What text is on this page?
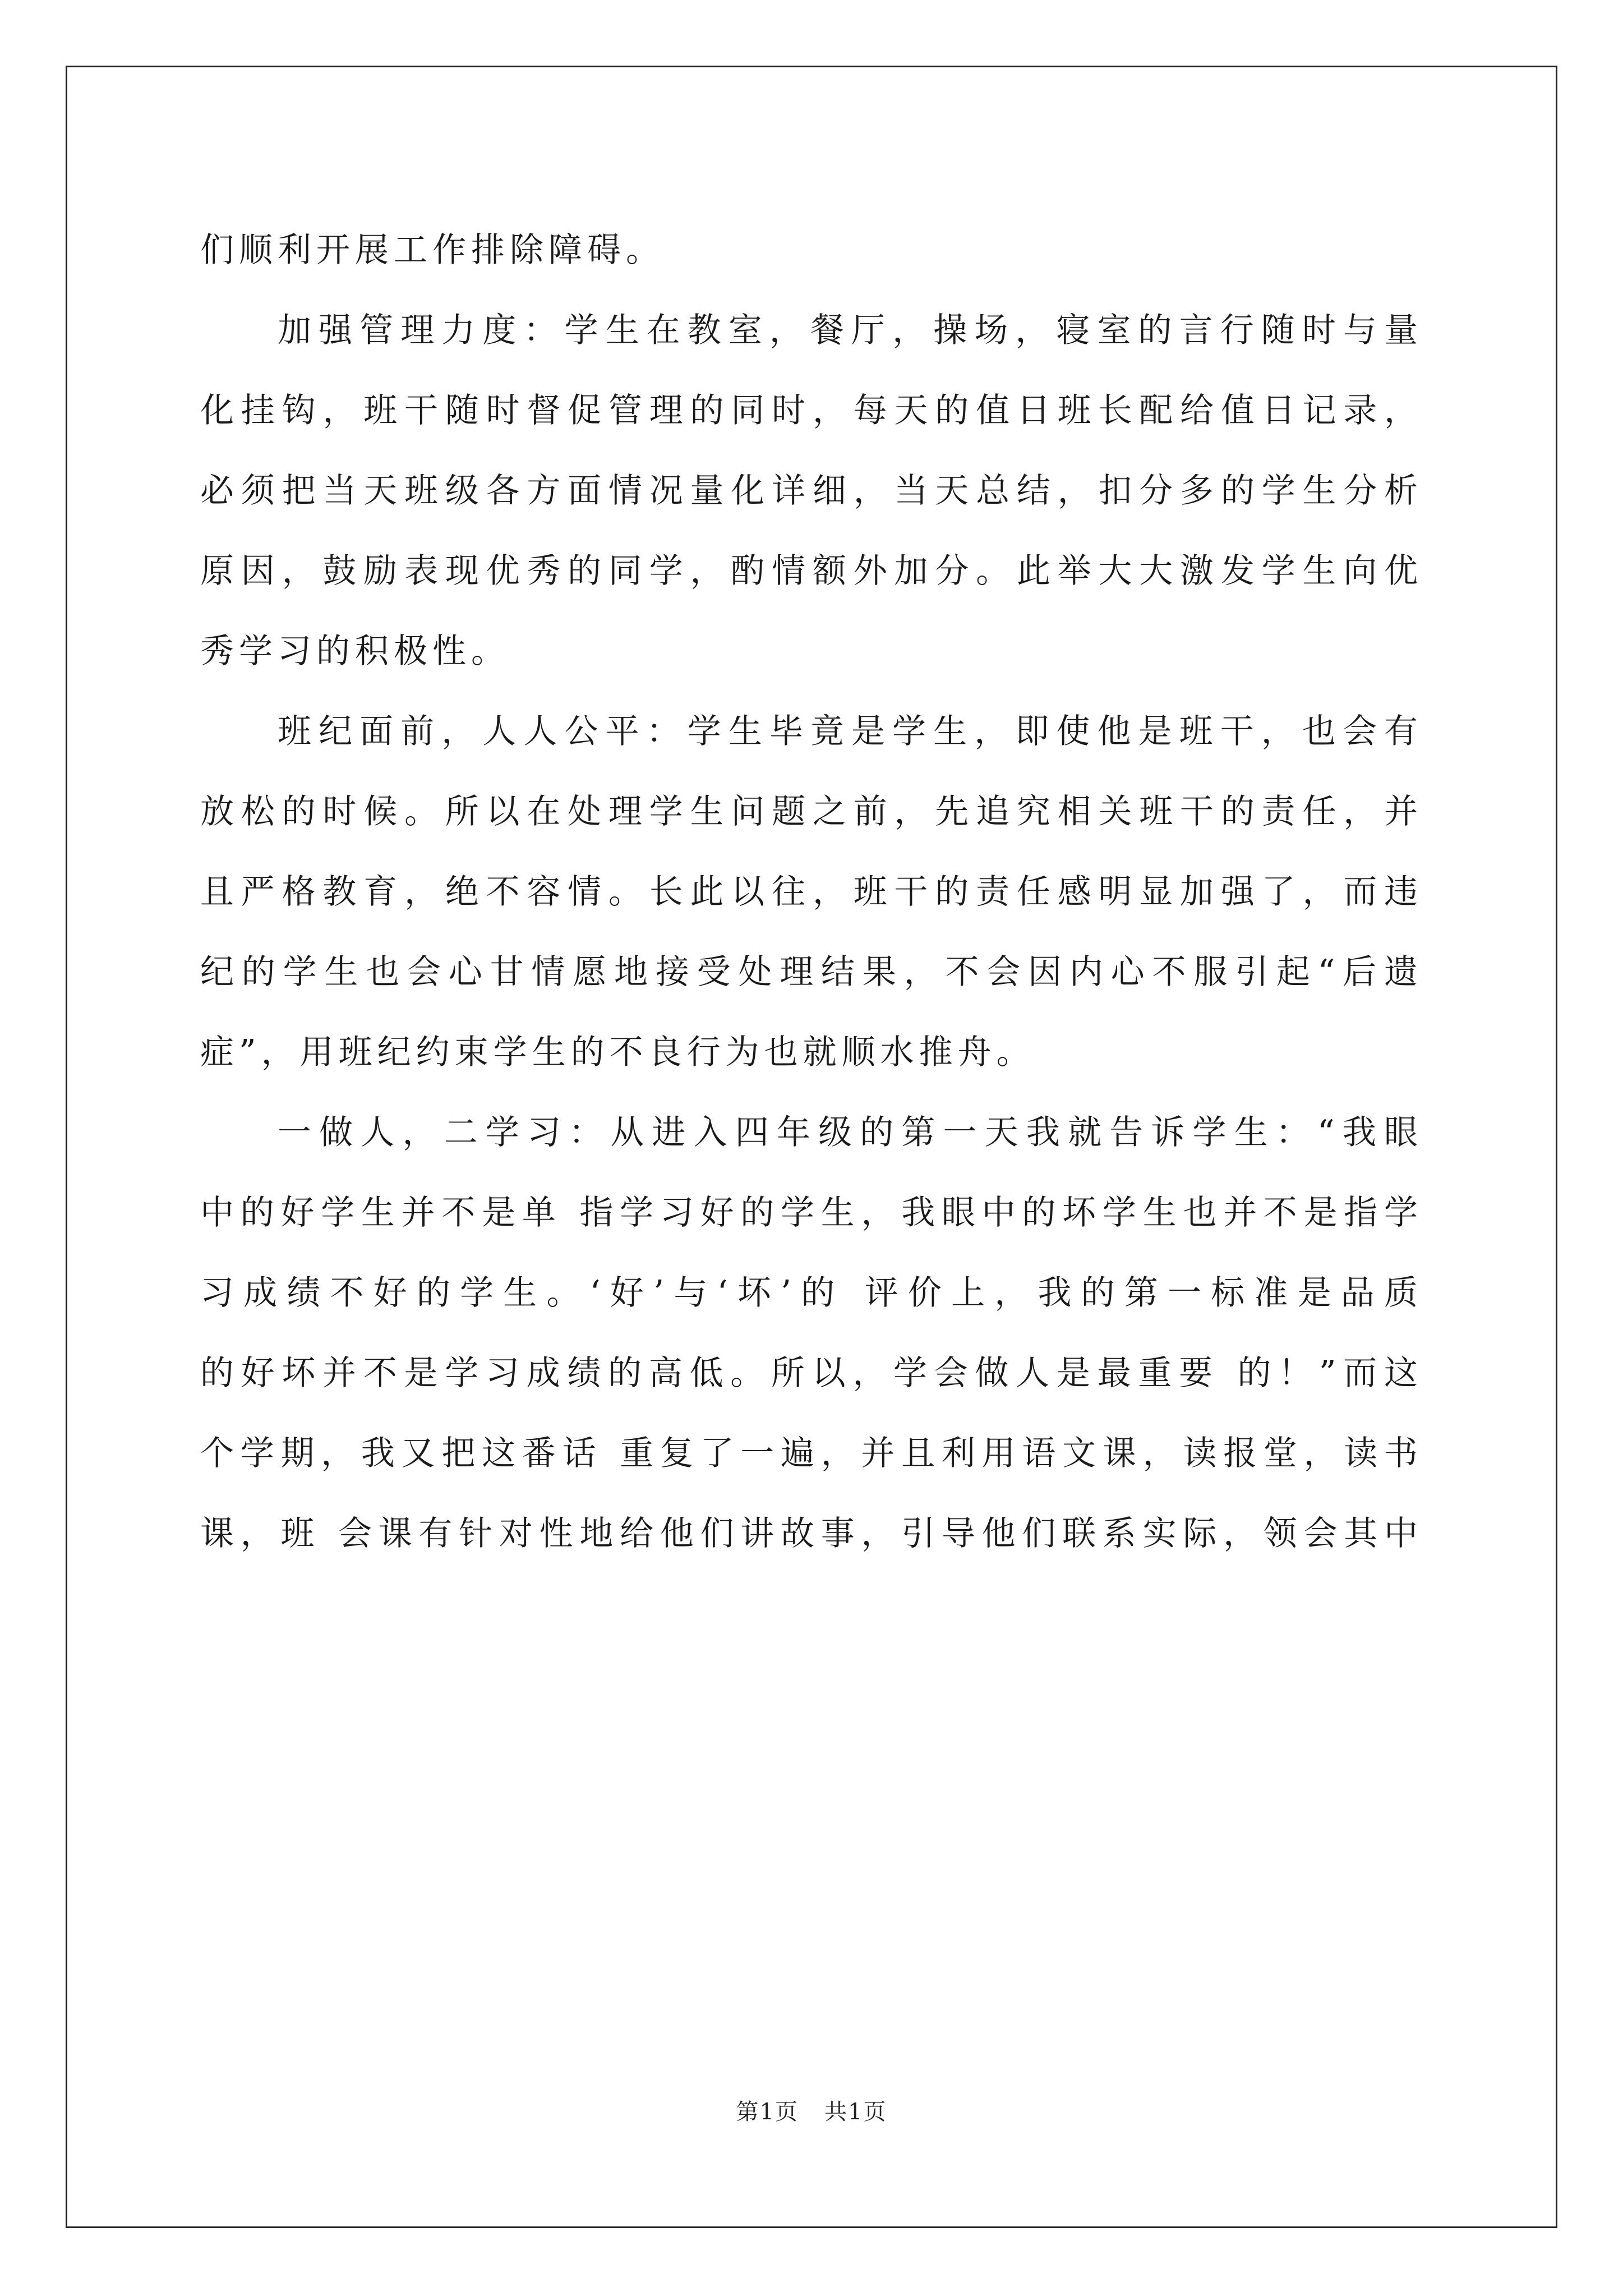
们顺利开展工作排除障碍。
加强管理力度：学生在教室，餐厅，操场，寝室的言行随时与量
化挂钩，班干随时督促管理的同时，每天的值日班长配给值日记录，
必须把当天班级各方面情况量化详细，当天总结，扣分多的学生分析
原因，鼓励表现优秀的同学，酌情额外加分。此举大大激发学生向优
秀学习的积极性。
班纪面前，人人公平：学生毕竟是学生，即使他是班干，也会有
放松的时候。所以在处理学生问题之前，先追究相关班干的责任，并
且严格教育，绝不容情。长此以往，班干的责任感明显加强了，而违
纪的学生也会心甘情愿地接受处理结果，不会因内心不服引起“后遗
症”，用班纪约束学生的不良行为也就顺水推舟。
一做人，二学习：从进入四年级的第一天我就告诉学生：“我眼
中的好学生并不是单 指学习好的学生，我眼中的坏学生也并不是指学
习成绩不好的学生。‘好’与‘坏’的 评价上，我的第一标准是品质
的好坏并不是学习成绩的高低。所以，学会做人是最重要 的！”而这
个学期，我又把这番话 重复了一遍，并且利用语文课，读报堂，读书
课，班 会课有针对性地给他们讲故事，引导他们联系实际，领会其中
第1页 共1页
